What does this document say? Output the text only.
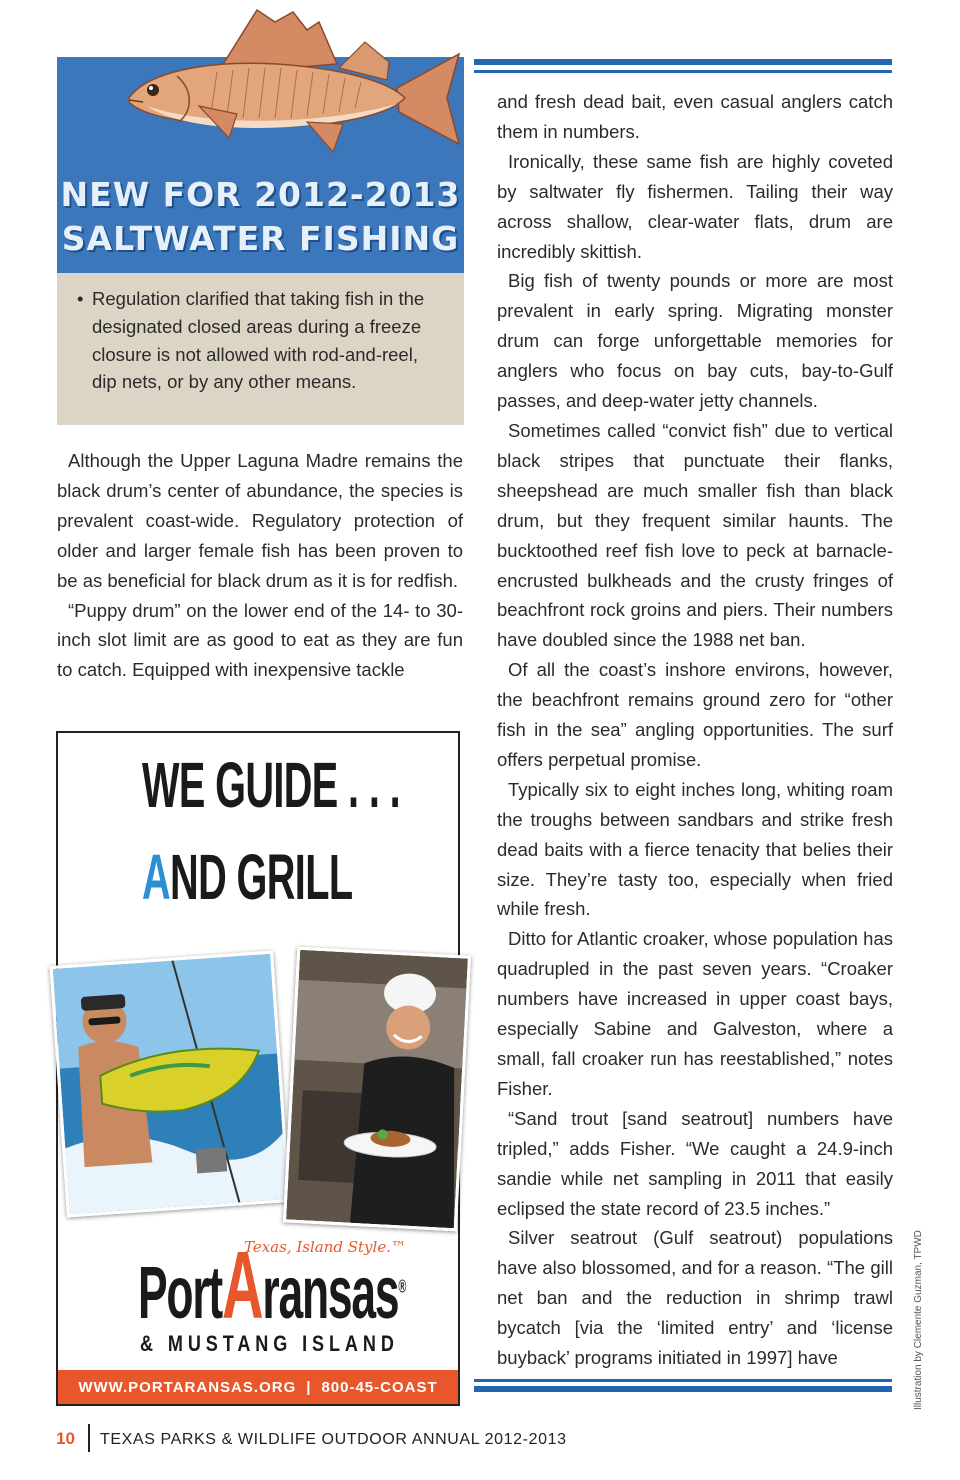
NEW FOR 2012-2013
SALTWATER FISHING
• Regulation clarified that taking fish in the designated closed areas during a freeze closure is not allowed with rod-and-reel, dip nets, or by any other means.

Although the Upper Laguna Madre remains the black drum’s center of abundance, the species is prevalent coast-wide. Regulatory protection of older and larger female fish has been proven to be as beneficial for black drum as it is for redfish.

“Puppy drum” on the lower end of the 14- to 30-inch slot limit are as good to eat as they are fun to catch. Equipped with inexpensive tackle

and fresh dead bait, even casual anglers catch them in numbers.

Ironically, these same fish are highly coveted by saltwater fly fishermen. Tailing their way across shallow, clear-water flats, drum are incredibly skittish.

Big fish of twenty pounds or more are most prevalent in early spring. Migrating monster drum can forge unforgettable memories for anglers who focus on bay cuts, bay-to-Gulf passes, and deep-water jetty channels.

Sometimes called “convict fish” due to vertical black stripes that punctuate their flanks, sheepshead are much smaller fish than black drum, but they frequent similar haunts. The bucktoothed reef fish love to peck at barnacle-encrusted bulkheads and the crusty fringes of beachfront rock groins and piers. Their numbers have doubled since the 1988 net ban.

Of all the coast’s inshore environs, however, the beachfront remains ground zero for “other fish in the sea” angling opportunities. The surf offers perpetual promise.

Typically six to eight inches long, whiting roam the troughs between sandbars and strike fresh dead baits with a fierce tenacity that belies their size. They’re tasty too, especially when fried while fresh.

Ditto for Atlantic croaker, whose population has quadrupled in the past seven years. “Croaker numbers have increased in upper coast bays, especially Sabine and Galveston, where a small, fall croaker run has reestablished,” notes Fisher.

“Sand trout [sand seatrout] numbers have tripled,” adds Fisher. “We caught a 24.9-inch sandie while net sampling in 2011 that easily eclipsed the state record of 23.5 inches.”

Silver seatrout (Gulf seatrout) populations have also blossomed, and for a reason. “The gill net ban and the reduction in shrimp trawl bycatch [via the ‘limited entry’ and ‘license buyback’ programs initiated in 1997] have

WE GUIDE . . .
AND GRILL
Texas, Island Style.™
PortAransas®
& MUSTANG ISLAND
WWW.PORTARANSAS.ORG | 800-45-COAST
10 TEXAS PARKS & WILDLIFE OUTDOOR ANNUAL 2012-2013
Illustration by Clemente Guzman, TPWD
